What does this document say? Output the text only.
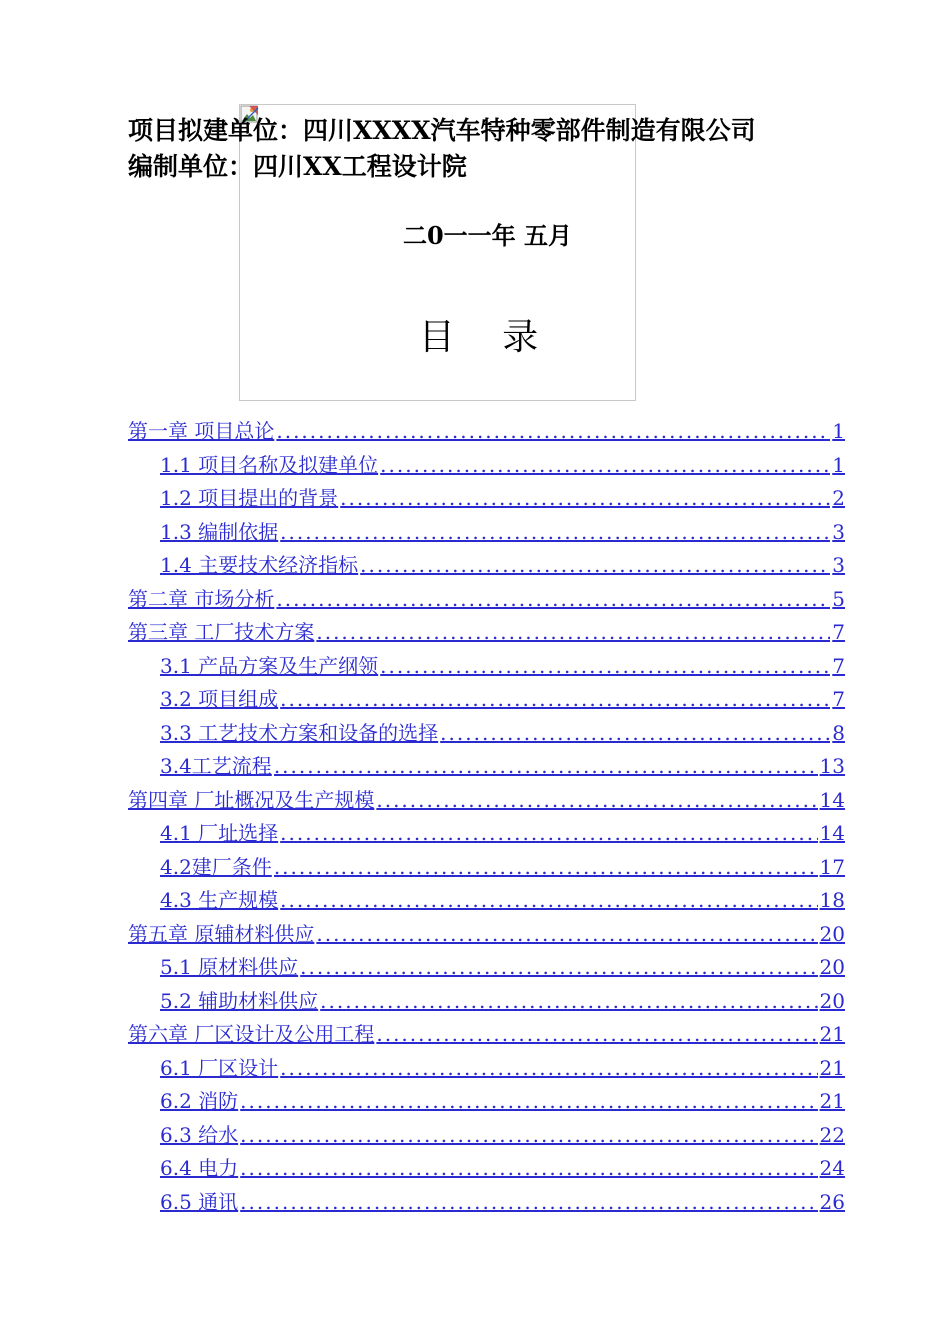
项目拟建单位：四川XXXX汽车特种零部件制造有限公司
编制单位：四川XX工程设计院
二0一一年 五月
目 录
第一章 项目总论 .....	1
1.1 项目名称及拟建单位 .....	1
1.2 项目提出的背景 .....	2
1.3 编制依据 .....	3
1.4 主要技术经济指标 .....	3
第二章 市场分析 .....	5
第三章 工厂技术方案 .....	7
3.1 产品方案及生产纲领 .....	7
3.2 项目组成 .....	7
3.3 工艺技术方案和设备的选择 .....	8
3.4工艺流程 .....	13
第四章 厂址概况及生产规模 .....	14
4.1 厂址选择 .....	14
4.2建厂条件 .....	17
4.3 生产规模 .....	18
第五章 原辅材料供应 .....	20
5.1 原材料供应 .....	20
5.2 辅助材料供应 .....	20
第六章 厂区设计及公用工程 .....	21
6.1 厂区设计 .....	21
6.2 消防 .....	21
6.3 给水 .....	22
6.4 电力 .....	24
6.5 通讯 .....	26
